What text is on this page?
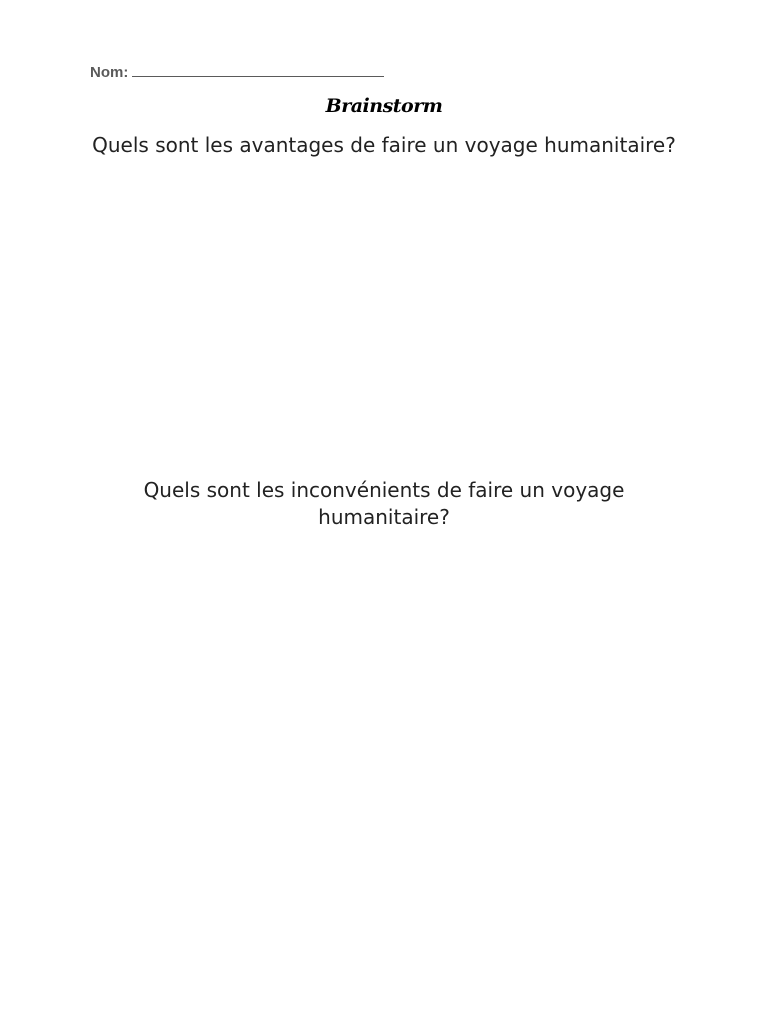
Nom:
Brainstorm
Quels sont les avantages de faire un voyage humanitaire?
Quels sont les inconvénients de faire un voyage humanitaire?
